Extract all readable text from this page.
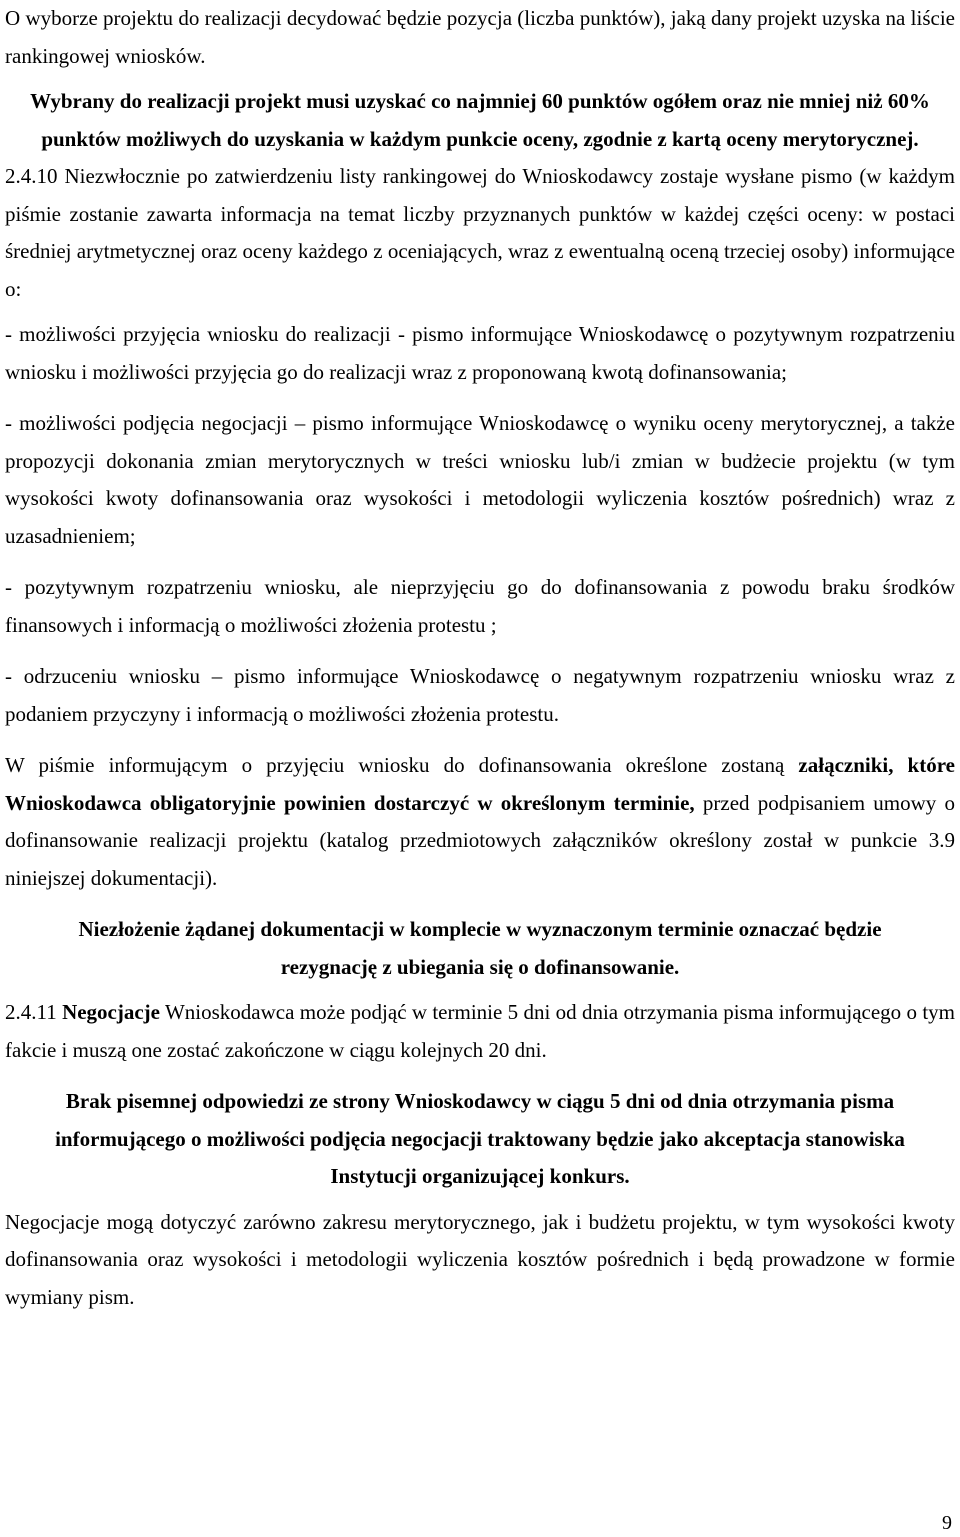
O wyborze projektu do realizacji decydować będzie pozycja (liczba punktów), jaką dany projekt uzyska na liście rankingowej wniosków.

Wybrany do realizacji projekt musi uzyskać co najmniej 60 punktów ogółem oraz nie mniej niż 60% punktów możliwych do uzyskania w każdym punkcie oceny, zgodnie z kartą oceny merytorycznej.

2.4.10 Niezwłocznie po zatwierdzeniu listy rankingowej do Wnioskodawcy zostaje wysłane pismo (w każdym piśmie zostanie zawarta informacja na temat liczby przyznanych punktów w każdej części oceny: w postaci średniej arytmetycznej oraz oceny każdego z oceniających, wraz z ewentualną oceną trzeciej osoby) informujące o:

- możliwości przyjęcia wniosku do realizacji - pismo informujące Wnioskodawcę o pozytywnym rozpatrzeniu wniosku i możliwości przyjęcia go do realizacji wraz z proponowaną kwotą dofinansowania;

- możliwości podjęcia negocjacji – pismo informujące Wnioskodawcę o wyniku oceny merytorycznej, a także propozycji dokonania zmian merytorycznych w treści wniosku lub/i zmian w budżecie projektu (w tym wysokości kwoty dofinansowania oraz wysokości i metodologii wyliczenia kosztów pośrednich) wraz z uzasadnieniem;

- pozytywnym rozpatrzeniu wniosku, ale nieprzyjęciu go do dofinansowania z powodu braku środków finansowych i informacją o możliwości złożenia protestu ;

- odrzuceniu wniosku – pismo informujące Wnioskodawcę o negatywnym rozpatrzeniu wniosku wraz z podaniem przyczyny i informacją o możliwości złożenia protestu.

W piśmie informującym o przyjęciu wniosku do dofinansowania określone zostaną załączniki, które Wnioskodawca obligatoryjnie powinien dostarczyć w określonym terminie, przed podpisaniem umowy o dofinansowanie realizacji projektu (katalog przedmiotowych załączników określony został w punkcie 3.9 niniejszej dokumentacji).

Niezłożenie żądanej dokumentacji w komplecie w wyznaczonym terminie oznaczać będzie rezygnację z ubiegania się o dofinansowanie.

2.4.11 Negocjacje Wnioskodawca może podjąć w terminie 5 dni od dnia otrzymania pisma informującego o tym fakcie i muszą one zostać zakończone w ciągu kolejnych 20 dni.

Brak pisemnej odpowiedzi ze strony Wnioskodawcy w ciągu 5 dni od dnia otrzymania pisma informującego o możliwości podjęcia negocjacji traktowany będzie jako akceptacja stanowiska Instytucji organizującej konkurs.

Negocjacje mogą dotyczyć zarówno zakresu merytorycznego, jak i budżetu projektu, w tym wysokości kwoty dofinansowania oraz wysokości i metodologii wyliczenia kosztów pośrednich i będą prowadzone w formie wymiany pism.

9
